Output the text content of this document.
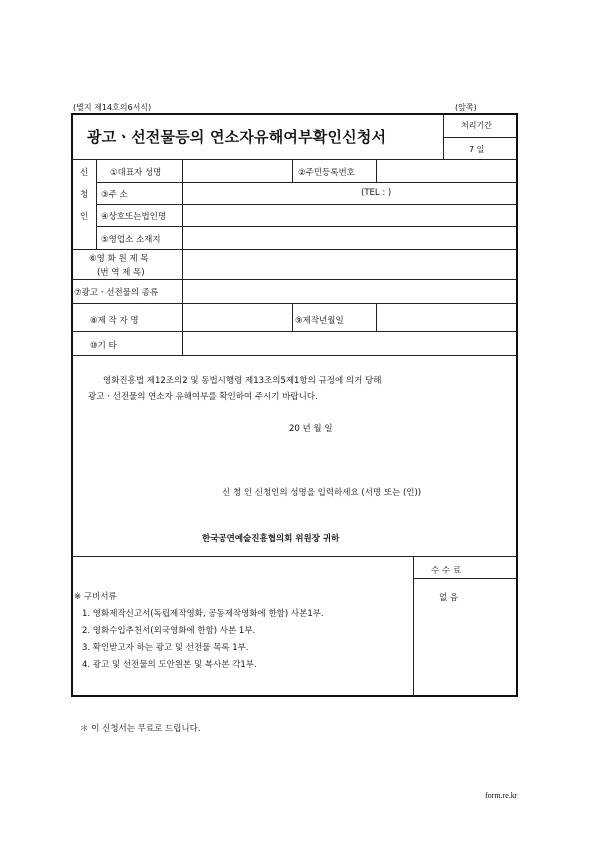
(별지 제14호의6서식)	(앞쪽)
광고ㆍ선전물등의 연소자유해여부확인신청서
처리기간
7 일
신
청
인
①대표자 성명	②주민등록번호
③주 소	(TEL : )
④상호또는법인명
⑤영업소 소재지
⑥영 화 원 제 목
(번 역 제 목)
⑦광고ㆍ선전물의 종류
⑧제 작 자 명	⑨제작년월일
⑩기 타
영화진흥법 제12조의2 및 동법시행령 제13조의5제1항의 규정에 의거 당해
광고ㆍ선전물의 연소자 유해여부를 확인하여 주시기 바랍니다.
20 년 월 일
신 청 인 신청인의 성명을 입력하세요 (서명 또는 (인))
한국공연예술진흥협의회 위원장 귀하
※ 구비서류
1. 영화제작신고서(독립제작영화, 공동제작영화에 한함) 사본1부.
2. 영화수입추천서(외국영화에 한함) 사본 1부.
3. 확인받고자 하는 광고 및 선전물 목록 1부.
4. 광고 및 선전물의 도안원본 및 복사본 각1부.
수 수 료
없 음
＊ 이 신청서는 무료로 드립니다.
form.re.kr
